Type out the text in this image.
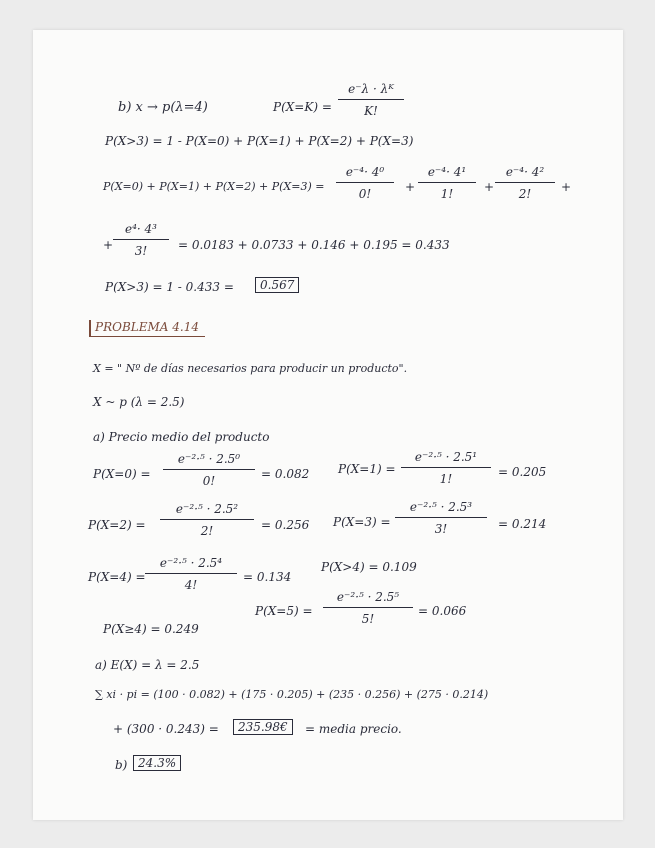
b) x → p(λ=4)	$P(X=K) = \frac{\text{e⁻λ · λᴷ}}{K!}$
P(X>3) = 1 - P(X=0) + P(X=1) + P(X=2) + P(X=3)
$P(X=0) + P(X=1) + P(X=2) + P(X=3) = \frac{\text{e⁻⁴· 4⁰}}{0!} + \frac{\text{e⁻⁴· 4¹}}{1!} + \frac{\text{e⁻⁴· 4²}}{2!}$ +
+ $\frac{\text{e⁴· 4³}}{3!} = 0.0183 + 0.0733 + 0.146 + 0.195 = 0.433$
P(X>3) = 1 - 0.433 =	0.567
PROBLEMA 4.14
X = " Nº de días necesarios para producir un producto".
X ~ p (λ = 2.5)
a) Precio medio del producto
$P(X=0) = \frac{\text{e⁻²·⁵ · 2.5⁰}}{0!} = 0.082$ $P(X=1) = \frac{\text{e⁻²·⁵ · 2.5¹}}{1!} = 0.205$
$P(X=2) = \frac{\text{e⁻²·⁵ · 2.5²}}{2!} = 0.256$ $P(X=3) = \frac{\text{e⁻²·⁵ · 2.5³}}{3!} = 0.214$
$P(X=4) = \frac{\text{e⁻²·⁵ · 2.5⁴}}{4!} = 0.134$
P(X>4) = 0.109
$P(X=5) = \frac{\text{e⁻²·⁵ · 2.5⁵}}{5!} = 0.066$
P(X≥4) = 0.249
a) E(X) = λ = 2.5
∑ xi · pi = (100 · 0.082) + (175 · 0.205) + (235 · 0.256) + (275 · 0.214)
+ (300 · 0.243) =	235.98€	= media precio.
b) 24.3%
